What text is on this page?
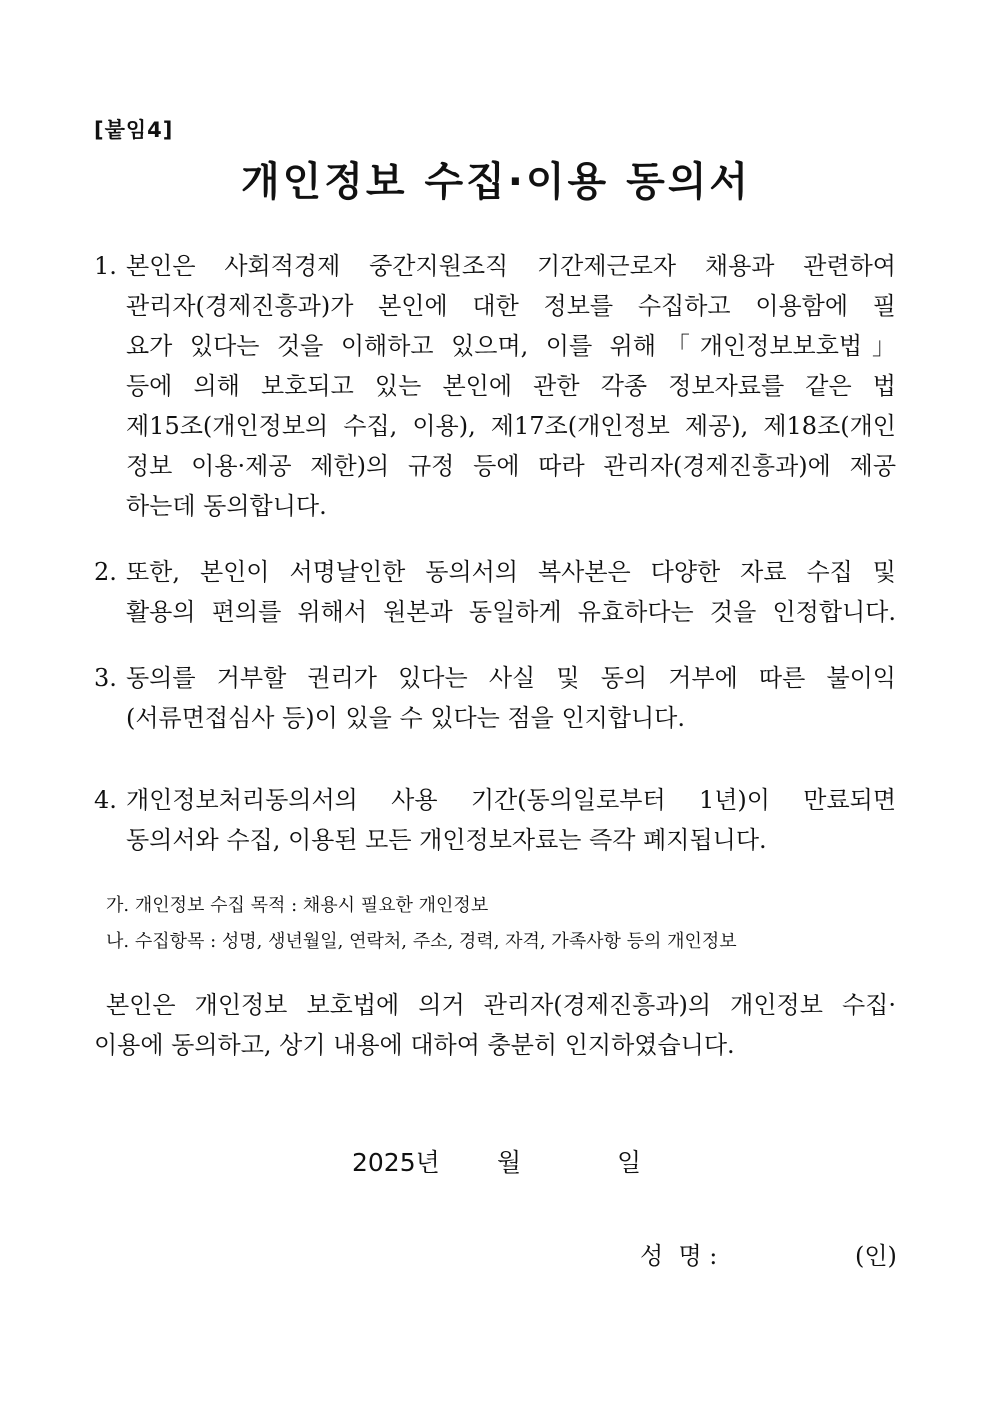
[붙임4]
개인정보 수집·이용 동의서
1. 본인은 사회적경제 중간지원조직 기간제근로자 채용과 관련하여
관리자(경제진흥과)가 본인에 대한 정보를 수집하고 이용함에 필
요가 있다는 것을 이해하고 있으며, 이를 위해「개인정보보호법」
등에 의해 보호되고 있는 본인에 관한 각종 정보자료를 같은 법
제15조(개인정보의 수집, 이용), 제17조(개인정보 제공), 제18조(개인
정보 이용·제공 제한)의 규정 등에 따라 관리자(경제진흥과)에 제공
하는데 동의합니다.
2. 또한, 본인이 서명날인한 동의서의 복사본은 다양한 자료 수집 및
활용의 편의를 위해서 원본과 동일하게 유효하다는 것을 인정합니다.
3. 동의를 거부할 권리가 있다는 사실 및 동의 거부에 따른 불이익
(서류면접심사 등)이 있을 수 있다는 점을 인지합니다.
4. 개인정보처리동의서의 사용 기간(동의일로부터 1년)이 만료되면
동의서와 수집, 이용된 모든 개인정보자료는 즉각 폐지됩니다.
가. 개인정보 수집 목적 : 채용시 필요한 개인정보
나. 수집항목 : 성명, 생년월일, 연락처, 주소, 경력, 자격, 가족사항 등의 개인정보
본인은 개인정보 보호법에 의거 관리자(경제진흥과)의 개인정보 수집·
이용에 동의하고, 상기 내용에 대하여 충분히 인지하였습니다.
2025년 월	일
성  명 :	(인)
